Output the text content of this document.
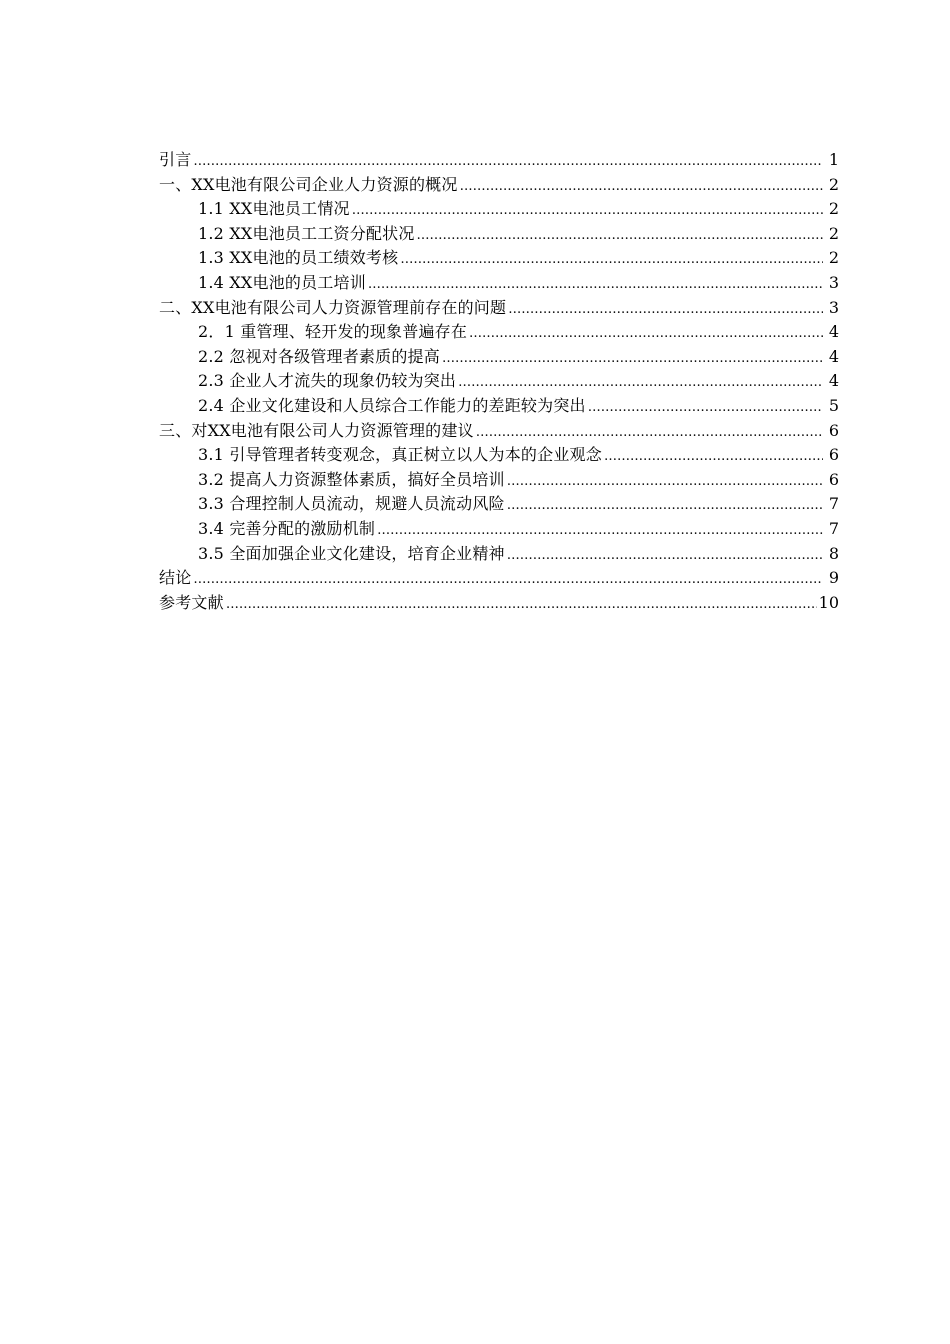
引言 …………………………………………………………………………………………………………………………………………………………………………………………………	1
一、XX电池有限公司企业人力资源的概况 …………………………………………………………………………………………………………………………………………………………………………………………………	2
1.1 XX电池员工情况 …………………………………………………………………………………………………………………………………………………………………………………………………	2
1.2 XX电池员工工资分配状况 …………………………………………………………………………………………………………………………………………………………………………………………………	2
1.3 XX电池的员工绩效考核 …………………………………………………………………………………………………………………………………………………………………………………………………	2
1.4 XX电池的员工培训 …………………………………………………………………………………………………………………………………………………………………………………………………	3
二、XX电池有限公司人力资源管理前存在的问题 …………………………………………………………………………………………………………………………………………………………………………………………………	3
2．1 重管理、轻开发的现象普遍存在 …………………………………………………………………………………………………………………………………………………………………………………………………	4
2.2 忽视对各级管理者素质的提高 …………………………………………………………………………………………………………………………………………………………………………………………………	4
2.3 企业人才流失的现象仍较为突出 …………………………………………………………………………………………………………………………………………………………………………………………………	4
2.4 企业文化建设和人员综合工作能力的差距较为突出 …………………………………………………………………………………………………………………………………………………………………………………………………	5
三、对XX电池有限公司人力资源管理的建议 …………………………………………………………………………………………………………………………………………………………………………………………………	6
3.1 引导管理者转变观念，真正树立以人为本的企业观念 …………………………………………………………………………………………………………………………………………………………………………………………………	6
3.2 提高人力资源整体素质，搞好全员培训 …………………………………………………………………………………………………………………………………………………………………………………………………	6
3.3 合理控制人员流动，规避人员流动风险 …………………………………………………………………………………………………………………………………………………………………………………………………	7
3.4 完善分配的激励机制 …………………………………………………………………………………………………………………………………………………………………………………………………	7
3.5 全面加强企业文化建设，培育企业精神 …………………………………………………………………………………………………………………………………………………………………………………………………	8
结论 …………………………………………………………………………………………………………………………………………………………………………………………………	9
参考文献 …………………………………………………………………………………………………………………………………………………………………………………………………	10
